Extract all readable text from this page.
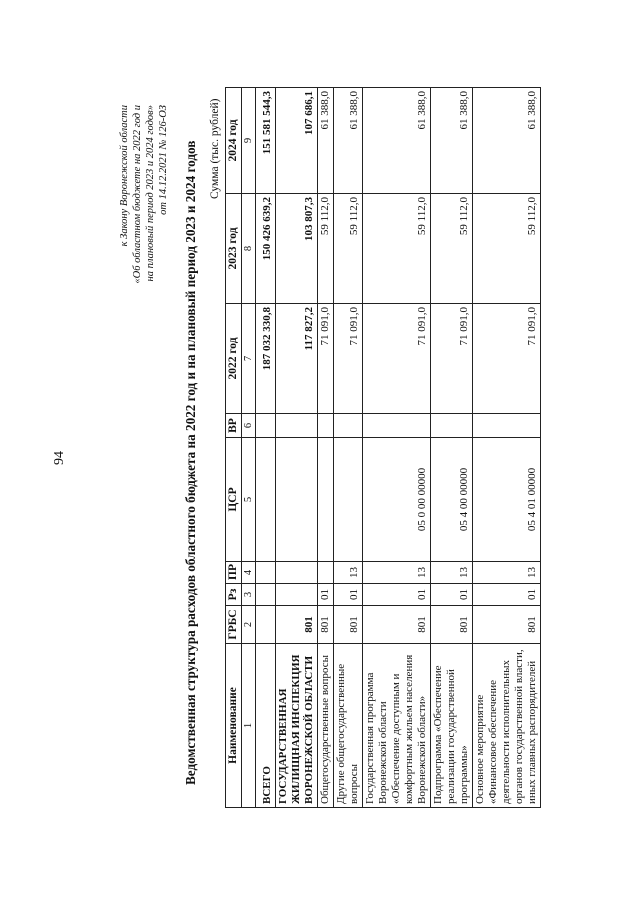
94
к Закону Воронежской области «Об областном бюджете на 2022 год и на плановый период 2023 и 2024 годов» от 14.12.2021 № 126-ОЗ Ведомственная структура расходов областного бюджета на 2022 год и на плановый период 2023 и 2024 годов Сумма (тыс. рублей)
Наименование	ГРБС	Рз	ПР	ЦСР	ВР	2022 год	2023 год	2024 год
1	2	3	4	5	6	7	8	9
ВСЕГО						187 032 330,8	150 426 639,2	151 581 544,3
ГОСУДАРСТВЕННАЯ ЖИЛИЩНАЯ ИНСПЕКЦИЯ ВОРОНЕЖСКОЙ ОБЛАСТИ	801					117 827,2	103 807,3	107 686,1
Общегосударственные вопросы	801	01				71 091,0	59 112,0	61 388,0
Другие общегосударственные вопросы	801	01	13			71 091,0	59 112,0	61 388,0
Государственная программа Воронежской области «Обеспечение доступным и комфортным жильем населения Воронежской области»	801	01	13	05 0 00 00000		71 091,0	59 112,0	61 388,0
Подпрограмма «Обеспечение реализации государственной программы»	801	01	13	05 4 00 00000		71 091,0	59 112,0	61 388,0
Основное мероприятие «Финансовое обеспечение деятельности исполнительных органов государственной власти, иных главных распорядителей	801	01	13	05 4 01 00000		71 091,0	59 112,0	61 388,0
